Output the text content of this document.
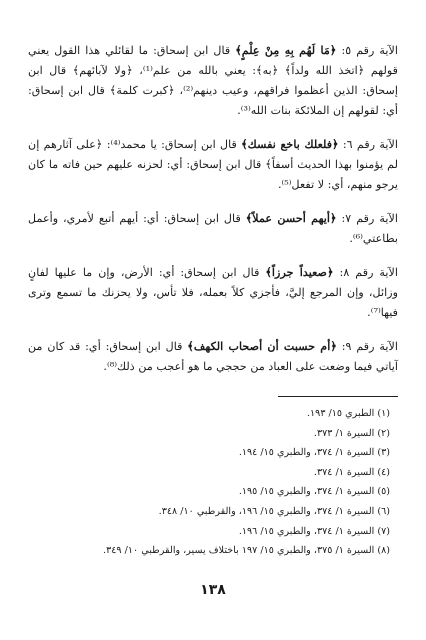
الآية رقم ٥: ﴿مَا لَهُم بِهِ مِنْ عِلْمٍ﴾ قال ابن إسحاق: ما لقائلي هذا القول يعني قولهم ﴿اتخذ الله ولداً﴾ ﴿به﴾: يعني بالله من علم⁽¹⁾، ﴿ولا لآبائهم﴾ قال ابن إسحاق: الذين أعظموا فراقهم، وعيب دينهم⁽²⁾، ﴿كبرت كلمة﴾ قال ابن إسحاق: أي: لقولهم إن الملائكة بنات الله⁽³⁾.

الآية رقم ٦: ﴿فلعلك باخع نفسك﴾ قال ابن إسحاق: يا محمد⁽⁴⁾: ﴿على آثارهم إن لم يؤمنوا بهذا الحديث أسفاً﴾ قال ابن إسحاق: أي: لحزنه عليهم حين فاته ما كان يرجو منهم، أي: لا تفعل⁽⁵⁾.

الآية رقم ٧: ﴿أيهم أحسن عملاً﴾ قال ابن إسحاق: أي: أيهم أتبع لأمري، وأعمل بطاعتي⁽⁶⁾.

الآية رقم ٨: ﴿صعيداً جرزاً﴾ قال ابن إسحاق: أي: الأرض، وإن ما عليها لفانٍ وزائل، وإن المرجع إليَّ، فأجزي كلاً بعمله، فلا تأس، ولا يحزنك ما تسمع وترى فيها⁽⁷⁾.

الآية رقم ٩: ﴿أم حسبت أن أصحاب الكهف﴾ قال ابن إسحاق: أي: قد كان من آياتي فيما وضعت على العباد من حججي ما هو أعجب من ذلك⁽⁸⁾.

(١) الطبري ١٥/ ١٩٣.
(٢) السيرة ١/ ٣٧٣.
(٣) السيرة ١/ ٣٧٤، والطبري ١٥/ ١٩٤.
(٤) السيرة ١/ ٣٧٤.
(٥) السيرة ١/ ٣٧٤، والطبري ١٥/ ١٩٥.
(٦) السيرة ١/ ٣٧٤، والطبري ١٥/ ١٩٦، والقرطبي ١٠/ ٣٤٨.
(٧) السيرة ١/ ٣٧٤، والطبري ١٥/ ١٩٦.
(٨) السيرة ١/ ٣٧٥، والطبري ١٥/ ١٩٧ باختلاف يسير، والقرطبي ١٠/ ٣٤٩.
١٣٨
